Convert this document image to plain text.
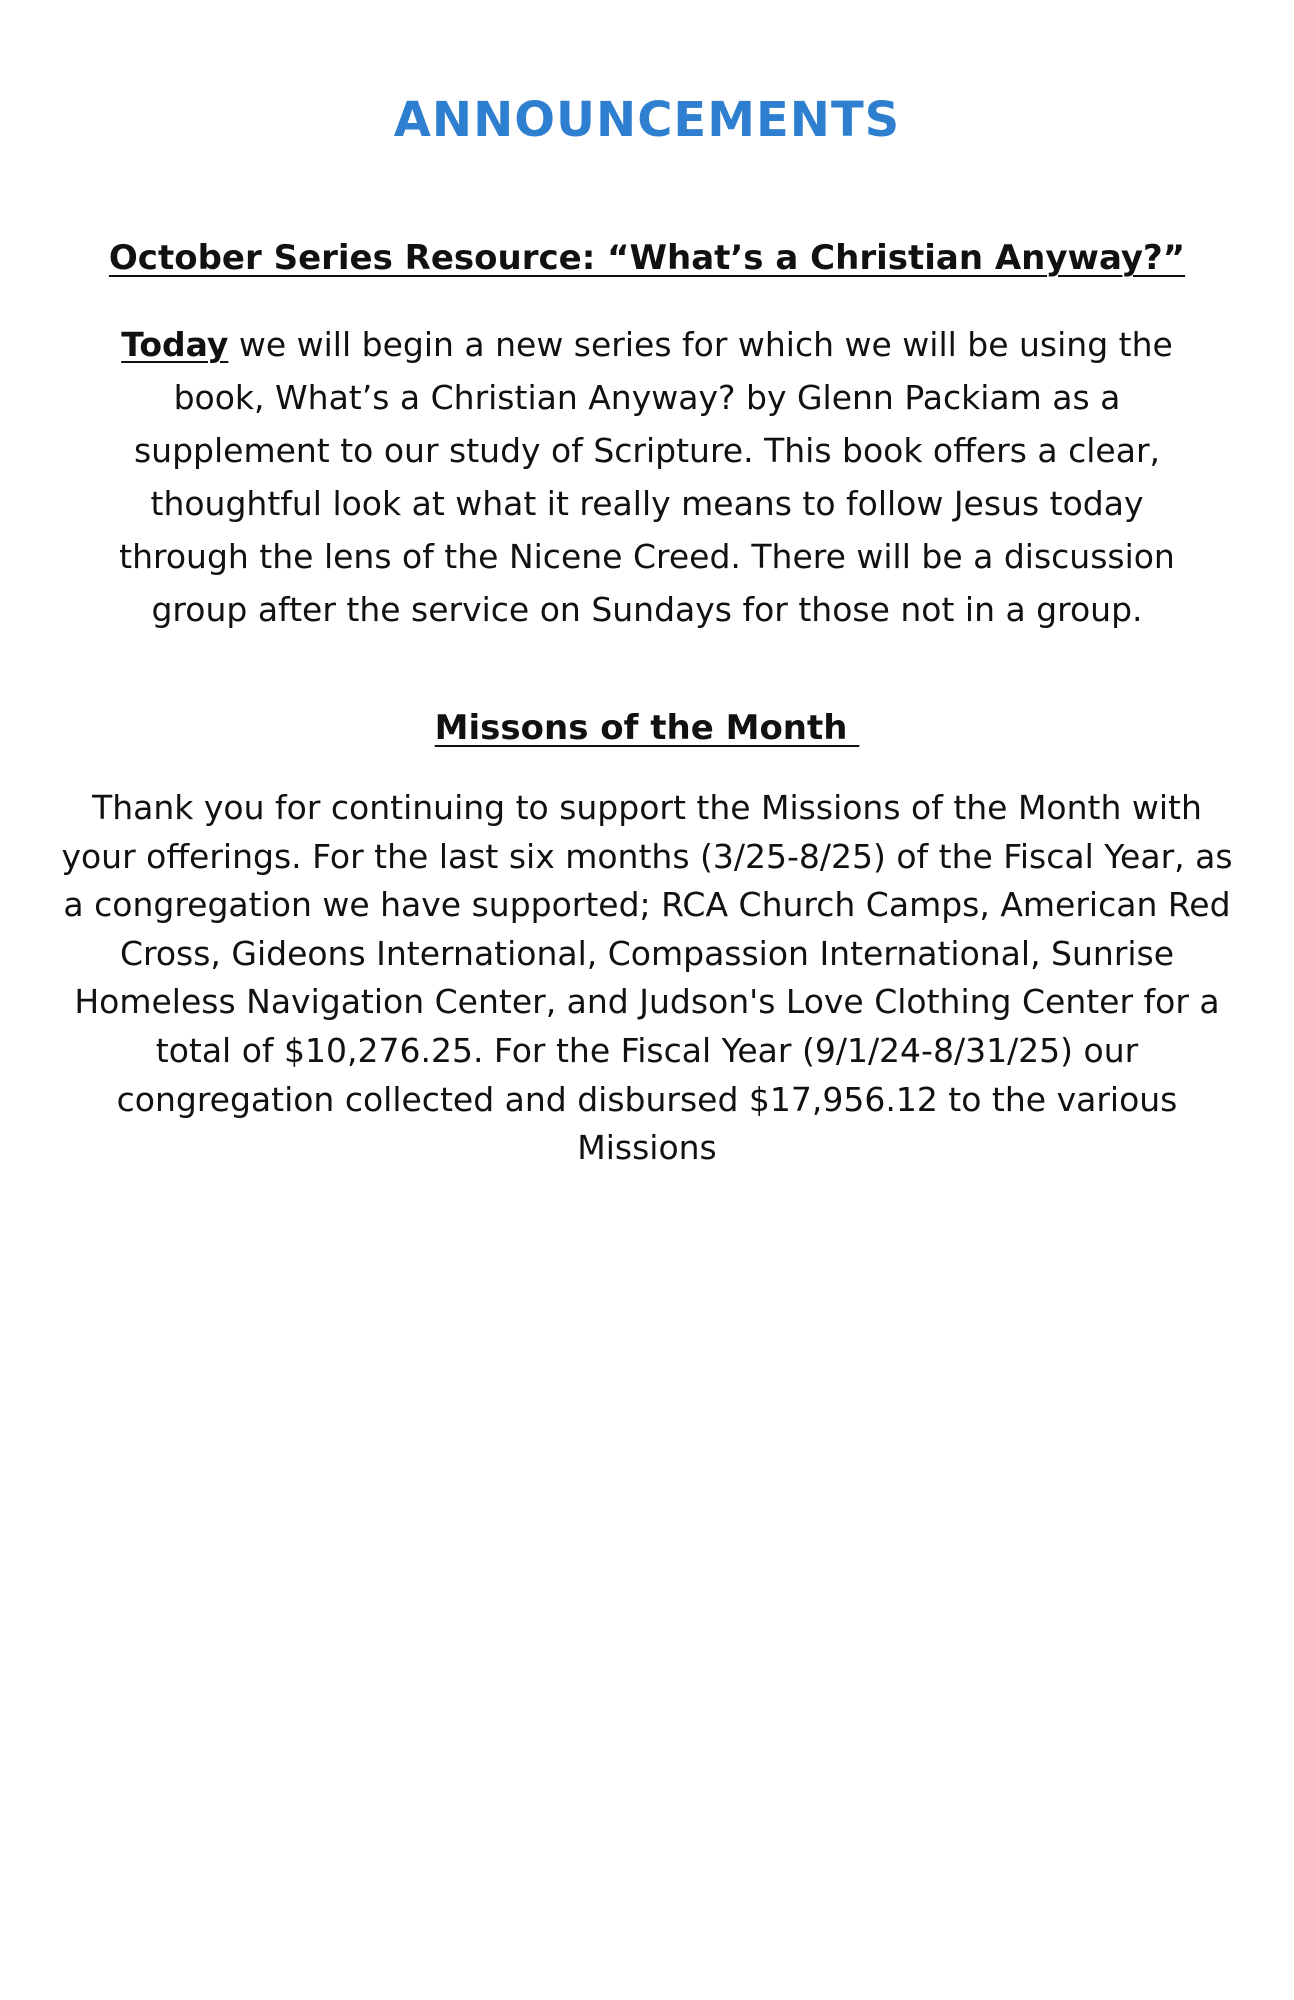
ANNOUNCEMENTS
October Series Resource: “What’s a Christian Anyway?”

Today we will begin a new series for which we will be using the book, What’s a Christian Anyway? by Glenn Packiam as a supplement to our study of Scripture. This book offers a clear, thoughtful look at what it really means to follow Jesus today through the lens of the Nicene Creed. There will be a discussion group after the service on Sundays for those not in a group.

Missons of the Month

Thank you for continuing to support the Missions of the Month with your offerings. For the last six months (3/25-8/25) of the Fiscal Year, as a congregation we have supported; RCA Church Camps, American Red Cross, Gideons International, Compassion International, Sunrise Homeless Navigation Center, and Judson's Love Clothing Center for a total of $10,276.25. For the Fiscal Year (9/1/24-8/31/25) our congregation collected and disbursed $17,956.12 to the various Missions
